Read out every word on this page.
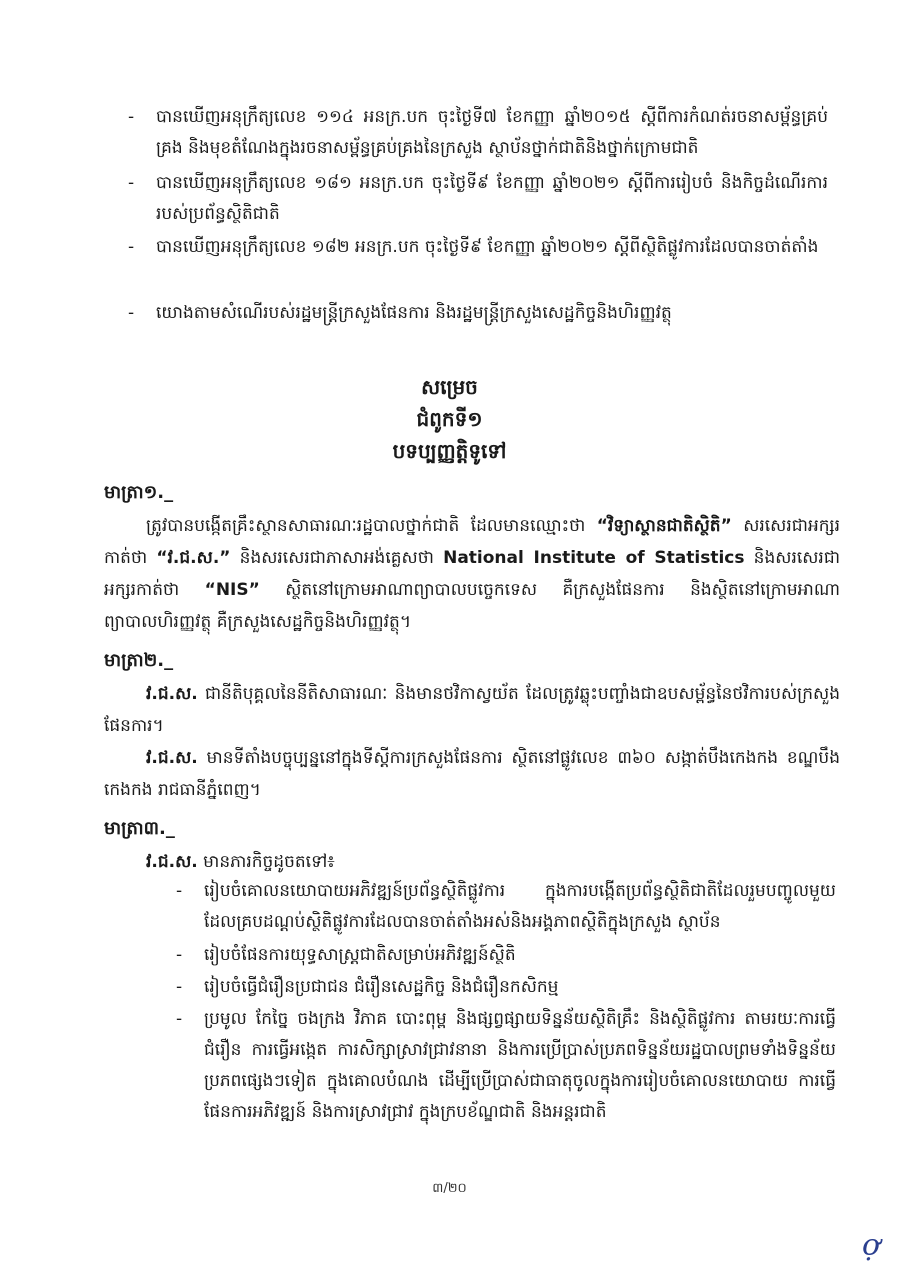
-	បានឃើញអនុក្រឹត្យលេខ ១១៤ អនក្រ.បក ចុះថ្ងៃទី៧ ខែកញ្ញា ឆ្នាំ២០១៥ ស្តីពីការកំណត់រចនាសម្ព័ន្ធគ្រប់គ្រង និងមុខតំណែងក្នុងរចនាសម្ព័ន្ធគ្រប់គ្រងនៃក្រសួង ស្ថាប័នថ្នាក់ជាតិនិងថ្នាក់ក្រោមជាតិ
-	បានឃើញអនុក្រឹត្យលេខ ១៨១ អនក្រ.បក ចុះថ្ងៃទី៩ ខែកញ្ញា ឆ្នាំ២០២១ ស្តីពីការរៀបចំ និងកិច្ចដំណើរការរបស់ប្រព័ន្ធស្ថិតិជាតិ
-	បានឃើញអនុក្រឹត្យលេខ ១៨២ អនក្រ.បក ចុះថ្ងៃទី៩ ខែកញ្ញា ឆ្នាំ២០២១ ស្តីពីស្ថិតិផ្លូវការដែលបានចាត់តាំង
-	យោងតាមសំណើរបស់រដ្ឋមន្ត្រីក្រសួងផែនការ និងរដ្ឋមន្ត្រីក្រសួងសេដ្ឋកិច្ចនិងហិរញ្ញវត្ថុ
សម្រេច
ជំពូកទី១
បទប្បញ្ញត្តិទូទៅ
មាត្រា១._
ត្រូវបានបង្កើតគ្រឹះស្ថានសាធារណៈរដ្ឋបាលថ្នាក់ជាតិ ដែលមានឈ្មោះថា “វិទ្យាស្ថានជាតិស្ថិតិ” សរសេរជាអក្សរកាត់ថា “វ.ជ.ស.” និងសរសេរជាភាសាអង់គ្លេសថា National Institute of Statistics និងសរសេរជាអក្សរកាត់ថា “NIS” ស្ថិតនៅក្រោមអាណាព្យាបាលបច្ចេកទេស គឺក្រសួងផែនការ និងស្ថិតនៅក្រោមអាណាព្យាបាលហិរញ្ញវត្ថុ គឺក្រសួងសេដ្ឋកិច្ចនិងហិរញ្ញវត្ថុ។
មាត្រា២._
វ.ជ.ស. ជានីតិបុគ្គលនៃនីតិសាធារណៈ និងមានថវិកាស្វយ័ត ដែលត្រូវឆ្លុះបញ្ចាំងជាឧបសម្ព័ន្ធនៃថវិការបស់ក្រសួងផែនការ។
វ.ជ.ស. មានទីតាំងបច្ចុប្បន្ននៅក្នុងទីស្តីការក្រសួងផែនការ ស្ថិតនៅផ្លូវលេខ ៣៦០ សង្កាត់បឹងកេងកង ខណ្ឌបឹងកេងកង រាជធានីភ្នំពេញ។
មាត្រា៣._
វ.ជ.ស. មានភារកិច្ចដូចតទៅ៖
-	រៀបចំគោលនយោបាយអភិវឌ្ឍន៍ប្រព័ន្ធស្ថិតិផ្លូវការ ក្នុងការបង្កើតប្រព័ន្ធស្ថិតិជាតិដែលរួមបញ្ចូលមួយ ដែលគ្របដណ្តប់ស្ថិតិផ្លូវការដែលបានចាត់តាំងអស់និងអង្គភាពស្ថិតិក្នុងក្រសួង ស្ថាប័ន
-	រៀបចំផែនការយុទ្ធសាស្ត្រជាតិសម្រាប់អភិវឌ្ឍន៍ស្ថិតិ
-	រៀបចំធ្វើជំរឿនប្រជាជន ជំរឿនសេដ្ឋកិច្ច និងជំរឿនកសិកម្ម
-	ប្រមូល កែច្នៃ ចងក្រង វិភាគ បោះពុម្ព និងផ្សព្វផ្សាយទិន្នន័យស្ថិតិគ្រឹះ និងស្ថិតិផ្លូវការ តាមរយៈការធ្វើជំរឿន ការធ្វើអង្កេត ការសិក្សាស្រាវជ្រាវនានា និងការប្រើប្រាស់ប្រភពទិន្នន័យរដ្ឋបាលព្រមទាំងទិន្នន័យប្រភពផ្សេងៗទៀត ក្នុងគោលបំណង ដើម្បីប្រើប្រាស់ជាធាតុចូលក្នុងការរៀបចំគោលនយោបាយ ការធ្វើផែនការអភិវឌ្ឍន៍ និងការស្រាវជ្រាវ ក្នុងក្របខ័ណ្ឌជាតិ និងអន្តរជាតិ
៣/២០
ợ
